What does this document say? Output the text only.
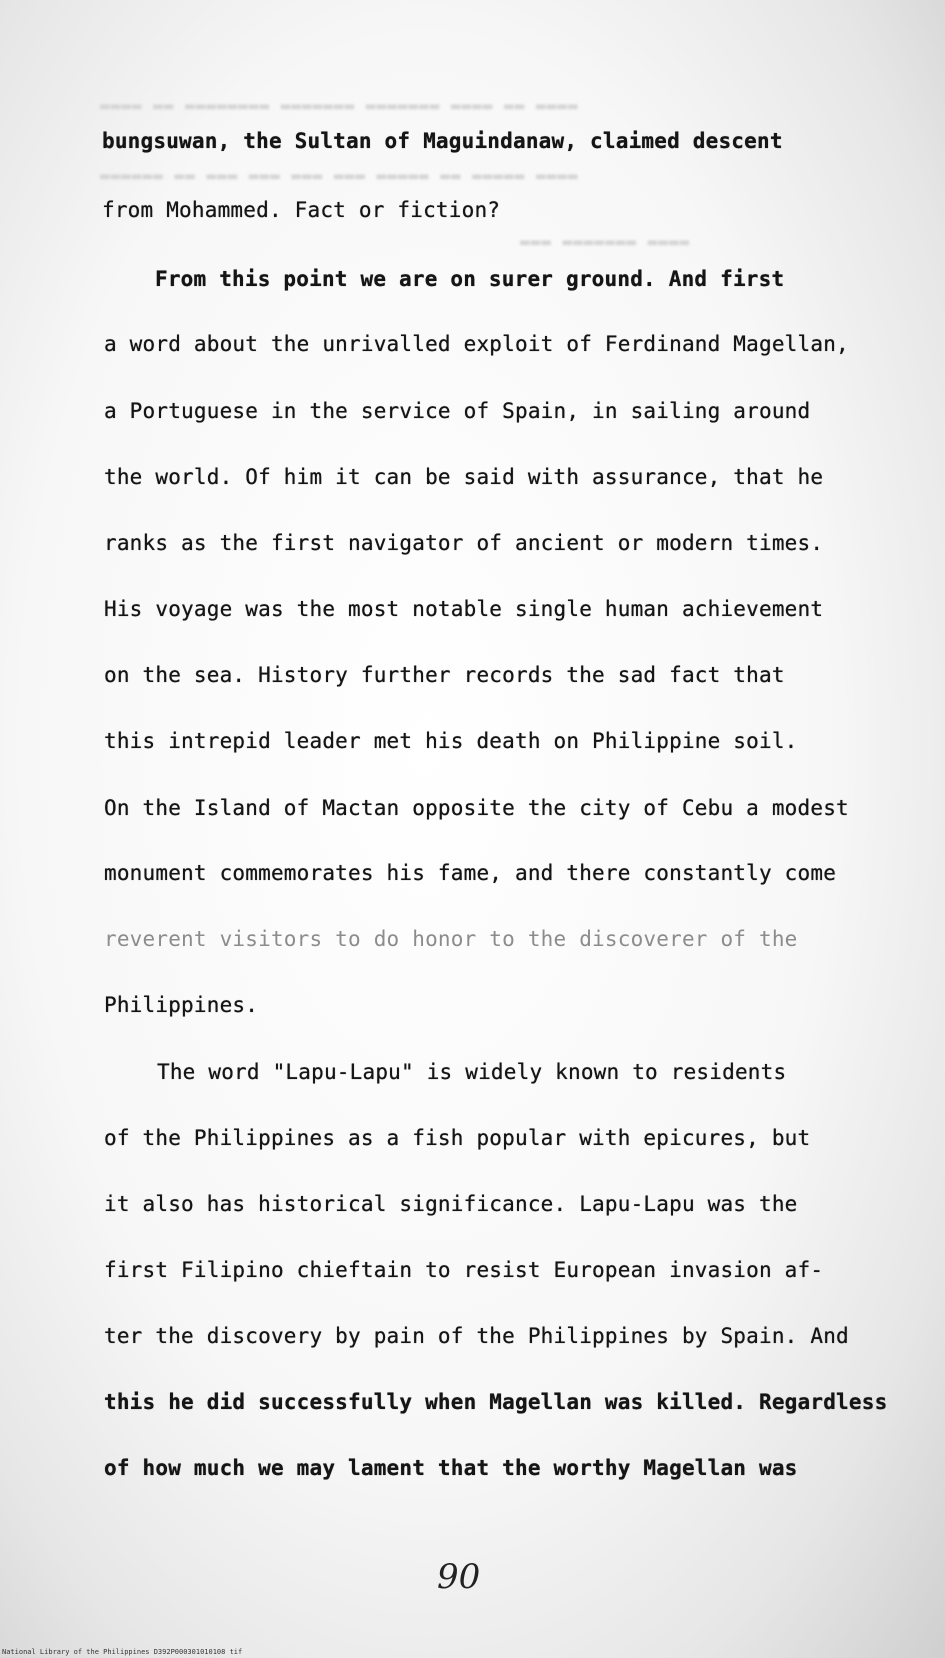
▬▬▬▬ ▬▬ ▬▬▬▬▬▬▬▬ ▬▬▬▬▬▬▬ ▬▬▬▬▬▬▬ ▬▬▬▬ ▬▬ ▬▬▬▬
▬▬▬▬▬▬ ▬▬ ▬▬▬ ▬▬▬ ▬▬▬ ▬▬▬ ▬▬▬▬▬ ▬▬ ▬▬▬▬▬ ▬▬▬▬
▬▬▬ ▬▬▬▬▬▬▬ ▬▬▬▬
bungsuwan, the Sultan of Maguindanaw, claimed descent
from Mohammed. Fact or fiction?
From this point we are on surer ground. And first
a word about the unrivalled exploit of Ferdinand Magellan,
a Portuguese in the service of Spain, in sailing around
the world. Of him it can be said with assurance, that he
ranks as the first navigator of ancient or modern times.
His voyage was the most notable single human achievement
on the sea. History further records the sad fact that
this intrepid leader met his death on Philippine soil.
On the Island of Mactan opposite the city of Cebu a modest
monument commemorates his fame, and there constantly come
reverent visitors to do honor to the discoverer of the
Philippines.
The word "Lapu-Lapu" is widely known to residents
of the Philippines as a fish popular with epicures, but
it also has historical significance. Lapu-Lapu was the
first Filipino chieftain to resist European invasion af-
ter the discovery by pain of the Philippines by Spain. And
this he did successfully when Magellan was killed. Regardless
of how much we may lament that the worthy Magellan was
90
National Library of the Philippines D392P000301010108 tif
